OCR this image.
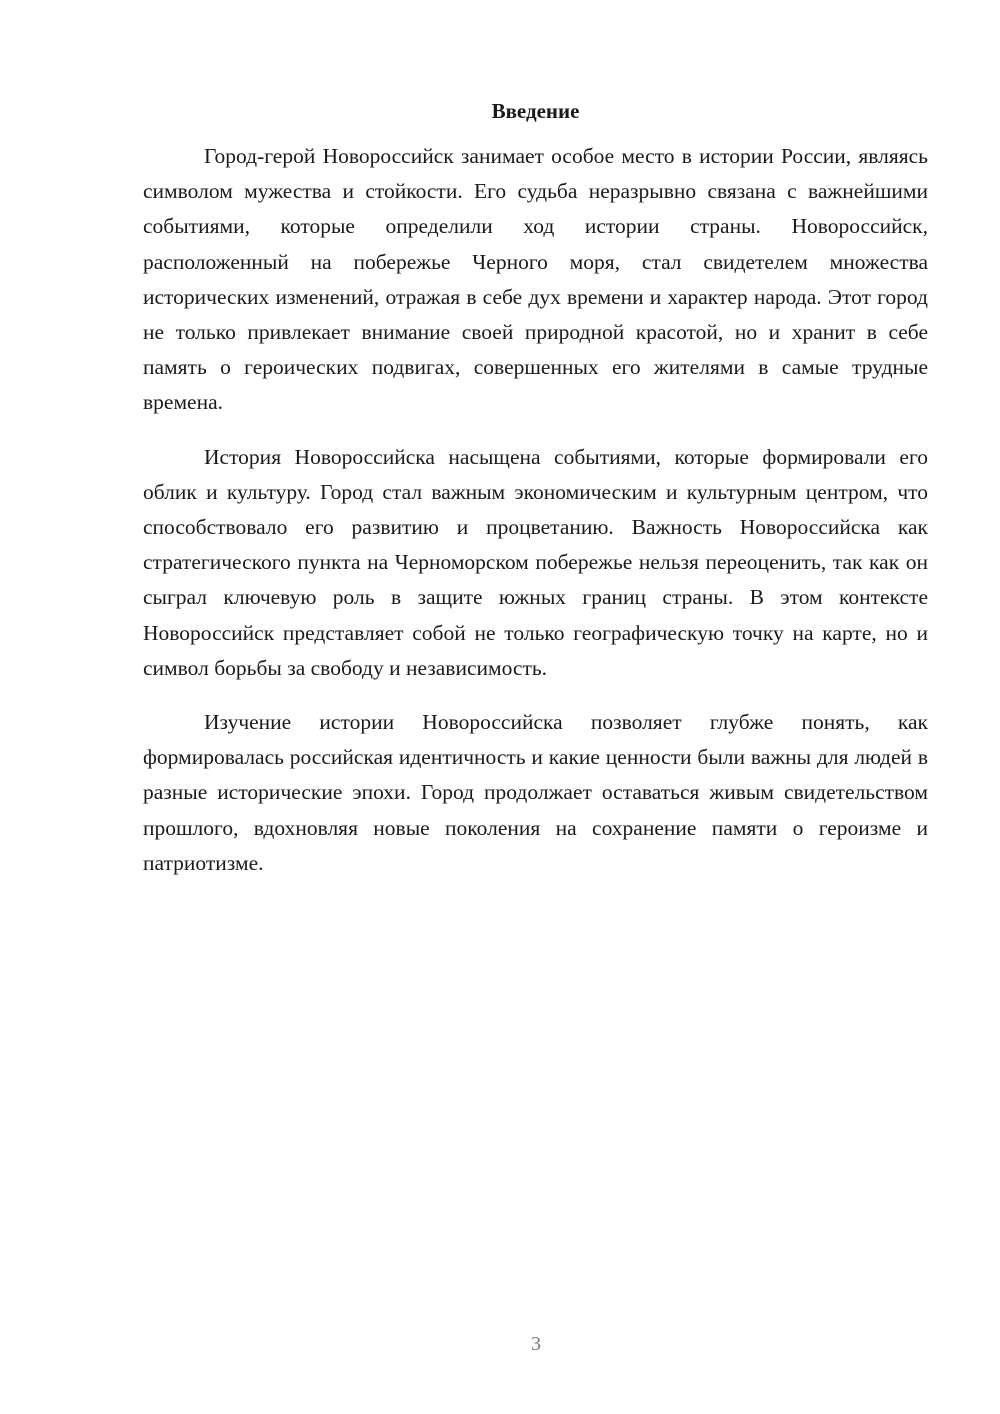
Введение

Город-герой Новороссийск занимает особое место в истории России, являясь символом мужества и стойкости. Его судьба неразрывно связана с важнейшими событиями, которые определили ход истории страны. Новороссийск, расположенный на побережье Черного моря, стал свидетелем множества исторических изменений, отражая в себе дух времени и характер народа. Этот город не только привлекает внимание своей природной красотой, но и хранит в себе память о героических подвигах, совершенных его жителями в самые трудные времена.

История Новороссийска насыщена событиями, которые формировали его облик и культуру. Город стал важным экономическим и культурным центром, что способствовало его развитию и процветанию. Важность Новороссийска как стратегического пункта на Черноморском побережье нельзя переоценить, так как он сыграл ключевую роль в защите южных границ страны. В этом контексте Новороссийск представляет собой не только географическую точку на карте, но и символ борьбы за свободу и независимость.

Изучение истории Новороссийска позволяет глубже понять, как формировалась российская идентичность и какие ценности были важны для людей в разные исторические эпохи. Город продолжает оставаться живым свидетельством прошлого, вдохновляя новые поколения на сохранение памяти о героизме и патриотизме.

3
